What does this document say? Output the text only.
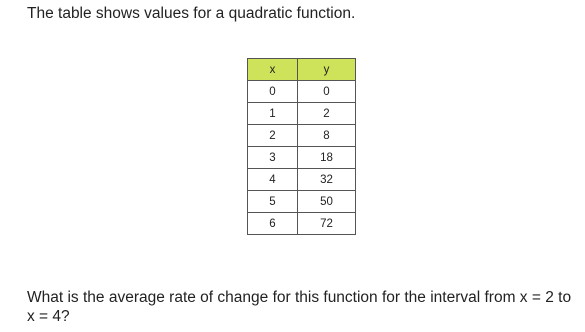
The table shows values for a quadratic function.
x	y
0	0
1	2
2	8
3	18
4	32
5	50
6	72
What is the average rate of change for this function for the interval from x = 2 to x = 4?
